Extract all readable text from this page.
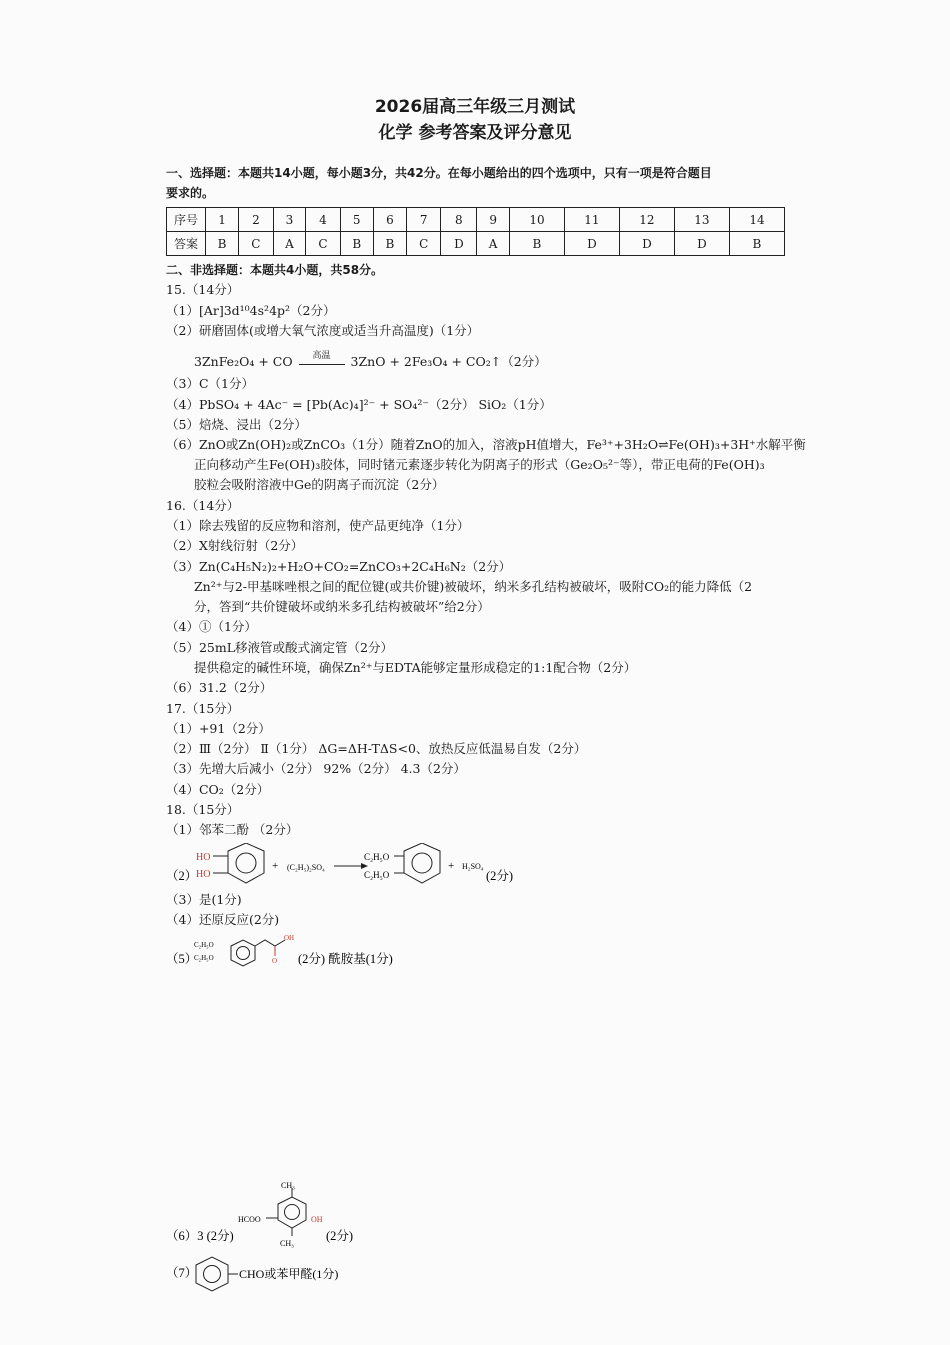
2026届高三年级三月测试
化学 参考答案及评分意见
一、选择题：本题共14小题，每小题3分，共42分。在每小题给出的四个选项中，只有一项是符合题目
要求的。
序号	1	2	3	4	5	6	7	8	9	10	11	12	13	14
答案	B	C	A	C	B	B	C	D	A	B	D	D	D	B
二、非选择题：本题共4小题，共58分。
15.（14分）
（1）[Ar]3d¹⁰4s²4p²（2分）
（2）研磨固体(或增大氧气浓度或适当升高温度)（1分）
3ZnFe₂O₄ + CO	高温	3ZnO + 2Fe₃O₄ + CO₂↑（2分）
（3）C（1分）
（4）PbSO₄ + 4Ac⁻ = [Pb(Ac)₄]²⁻ + SO₄²⁻（2分） SiO₂（1分）
（5）焙烧、浸出（2分）
（6）ZnO或Zn(OH)₂或ZnCO₃（1分）随着ZnO的加入，溶液pH值增大，Fe³⁺+3H₂O⇌Fe(OH)₃+3H⁺水解平衡
正向移动产生Fe(OH)₃胶体，同时锗元素逐步转化为阴离子的形式（Ge₂O₅²⁻等），带正电荷的Fe(OH)₃
胶粒会吸附溶液中Ge的阴离子而沉淀（2分）
16.（14分）
（1）除去残留的反应物和溶剂，使产品更纯净（1分）
（2）X射线衍射（2分）
（3）Zn(C₄H₅N₂)₂+H₂O+CO₂=ZnCO₃+2C₄H₆N₂（2分）
Zn²⁺与2-甲基咪唑根之间的配位键(或共价键)被破坏，纳米多孔结构被破坏，吸附CO₂的能力降低（2
分，答到“共价键破坏或纳米多孔结构被破坏”给2分）
（4）①（1分）
（5）25mL移液管或酸式滴定管（2分）
提供稳定的碱性环境，确保Zn²⁺与EDTA能够定量形成稳定的1:1配合物（2分）
（6）31.2（2分）
17.（15分）
（1）+91（2分）
（2）Ⅲ（2分） Ⅱ（1分） ΔG=ΔH-TΔS<0、放热反应低温易自发（2分）
（3）先增大后减小（2分） 92%（2分） 4.3（2分）
（4）CO₂（2分）
18.（15分）
（1）邻苯二酚 （2分）
（2）
HO
HO
+ (C₂H₅)₂SO₄
C₂H₅O
C₂H₅O
+ H₂SO₄
(2分)
（3）是(1分)
（4）还原反应(2分)
（5）
C₂H₅O
C₂H₅O
OH
O (2分) 酰胺基(1分)
（6）3 (2分)
CH₃
CH₃
HCOO	OH
(2分)
（7）	CHO或苯甲醛(1分)
